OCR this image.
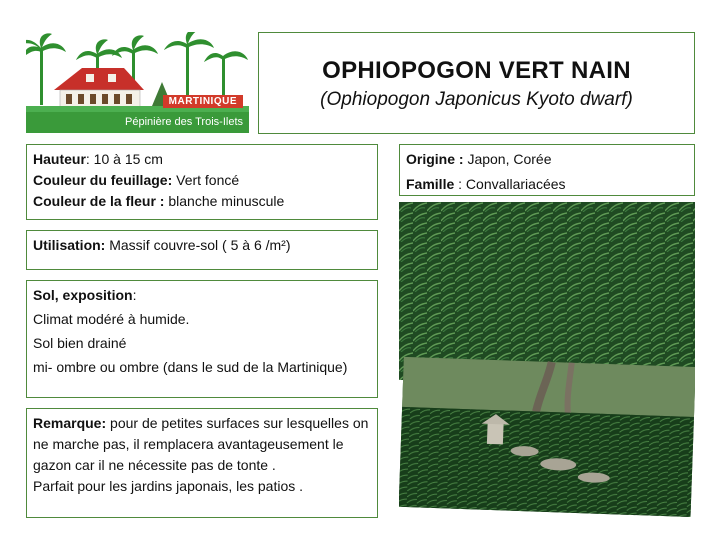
MARTINIQUE
Pépinière des Trois-Ilets
OPHIOPOGON VERT NAIN
(Ophiopogon Japonicus Kyoto dwarf)

Hauteur: 10 à 15 cm

Couleur du feuillage: Vert foncé

Couleur de la fleur : blanche minuscule

Utilisation: Massif couvre-sol ( 5 à 6 /m²)

Sol, exposition:

Climat modéré à humide.

Sol bien drainé

mi- ombre ou ombre (dans le sud de la Martinique)

Remarque: pour de petites surfaces sur lesquelles on ne marche pas, il remplacera avantageusement le gazon car il ne nécessite pas de tonte .

Parfait pour les jardins japonais, les patios .

Origine : Japon, Corée

Famille : Convallariacées
